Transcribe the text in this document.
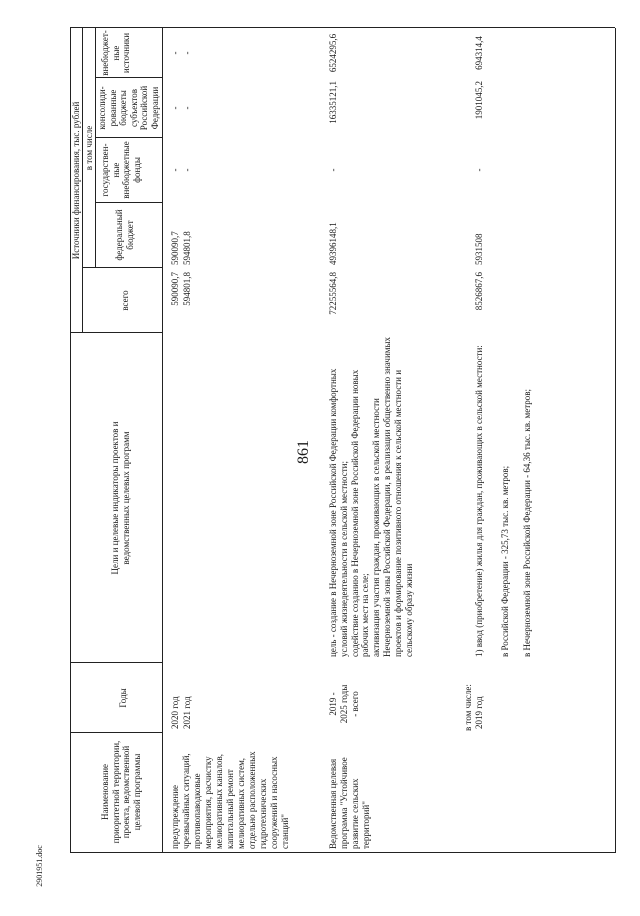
861
2901951.doc
Наименование приоритетной территории, проекта, ведомственной целевой программы
Годы
Цели и целевые индикаторы проектов и ведомственных целевых программ
Источники финансирования, тыс. рублей
всего
в том числе
федеральный бюджет
государствен-ные внебюджетные фонды
консолиди-рованные бюджеты субъектов Российской Федерации
внебюджет-ные источники
предупреждение чрезвычайных ситуаций, противопаводковые мероприятия, расчистку мелиоративных каналов, капитальный ремонт мелиоративных систем, отдельно расположенных гидротехнических сооружений и насосных станций"
2020 год 2021 год
590090,7 594801,8
590090,7 594801,8
- -
- -
- -
Ведомственная целевая программа "Устойчивое развитие сельских территорий"
2019 - 2025 годы - всего
цель - создание в Нечерноземной зоне Российской Федерации комфортных условий жизнедеятельности в сельской местности;
содействие созданию в Нечерноземной зоне Российской Федерации новых рабочих мест на селе;
активизация участия граждан, проживающих в сельской местности Нечерноземной зоны Российской Федерации, в реализации общественно значимых проектов и формирование позитивного отношения к сельской местности и сельскому образу жизни
72255564,8
49396148,1
-
16335121,1
6524295,6
в том числе: 2019 год
1) ввод (приобретение) жилья для граждан, проживающих в сельской местности: в Российской Федерации - 325,73 тыс. кв. метров; в Нечерноземной зоне Российской Федерации - 64,36 тыс. кв. метров;
8526867,6
5931508
-
1901045,2
694314,4
